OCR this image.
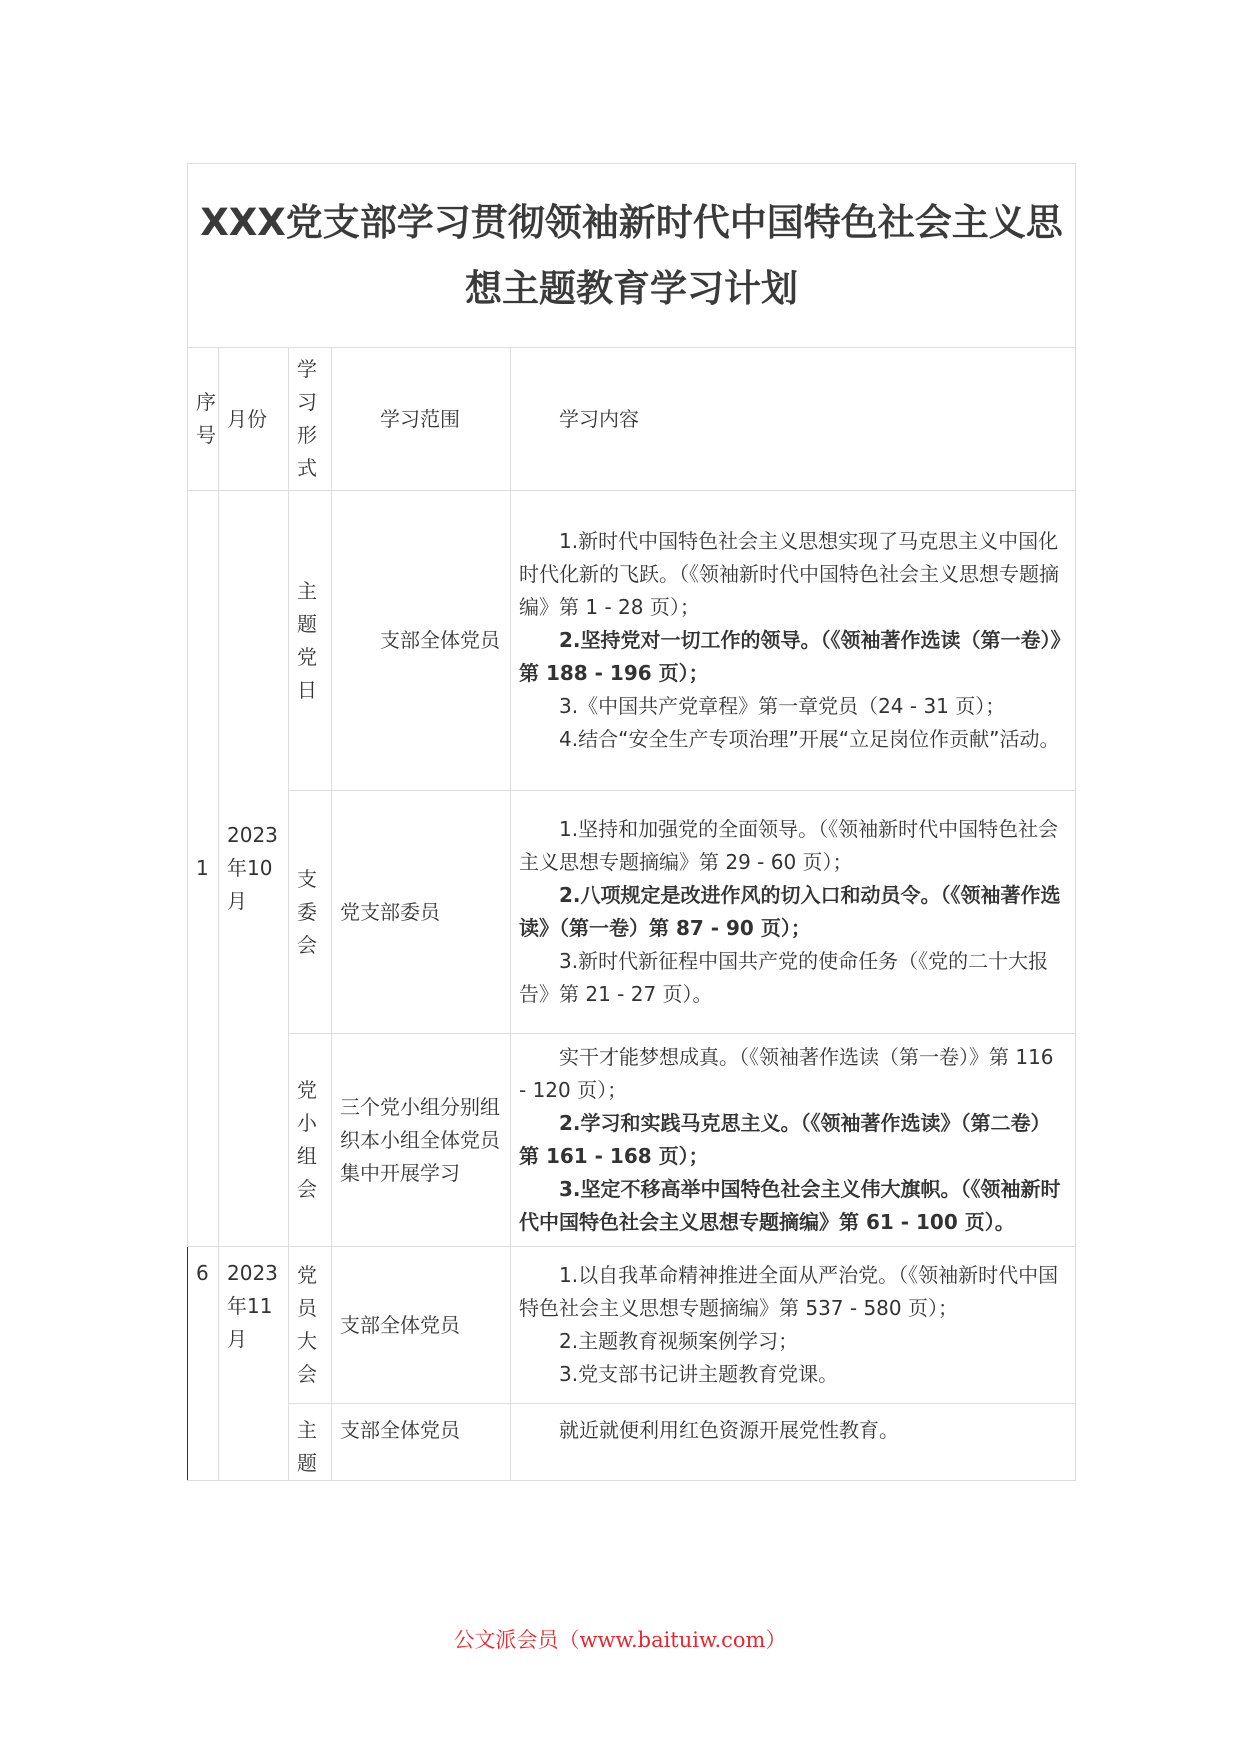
XXX党支部学习贯彻领袖新时代中国特色社会主义思想主题教育学习计划				
序号	月份	学习形式	学习范围	学习内容
1	2023年10月	主题党日	支部全体党员	1.新时代中国特色社会主义思想实现了马克思主义中国化时代化新的飞跃。（《领袖新时代中国特色社会主义思想专题摘编》第 1 - 28 页）；

2.坚持党对一切工作的领导。（《领袖著作选读（第一卷）》第 188 - 196 页）；

3.《中国共产党章程》第一章党员（24 - 31 页）；

4.结合“安全生产专项治理”开展“立足岗位作贡献”活动。

		支委会	党支部委员	1.坚持和加强党的全面领导。（《领袖新时代中国特色社会主义思想专题摘编》第 29 - 60 页）；

2.八项规定是改进作风的切入口和动员令。（《领袖著作选读》（第一卷）第 87 - 90 页）；

3.新时代新征程中国共产党的使命任务（《党的二十大报告》第 21 - 27 页）。

		党小组会	三个党小组分别组织本小组全体党员集中开展学习	实干才能梦想成真。（《领袖著作选读（第一卷）》第 116 - 120 页）；

2.学习和实践马克思主义。（《领袖著作选读》（第二卷）第 161 - 168 页）；

3.坚定不移高举中国特色社会主义伟大旗帜。（《领袖新时代中国特色社会主义思想专题摘编》第 61 - 100 页）。

6	2023年11月	党员大会	支部全体党员	1.以自我革命精神推进全面从严治党。（《领袖新时代中国特色社会主义思想专题摘编》第 537 - 580 页）；

2.主题教育视频案例学习；

3.党支部书记讲主题教育党课。

		主题	支部全体党员	就近就便利用红色资源开展党性教育。
公文派会员（www.baituiw.com）
